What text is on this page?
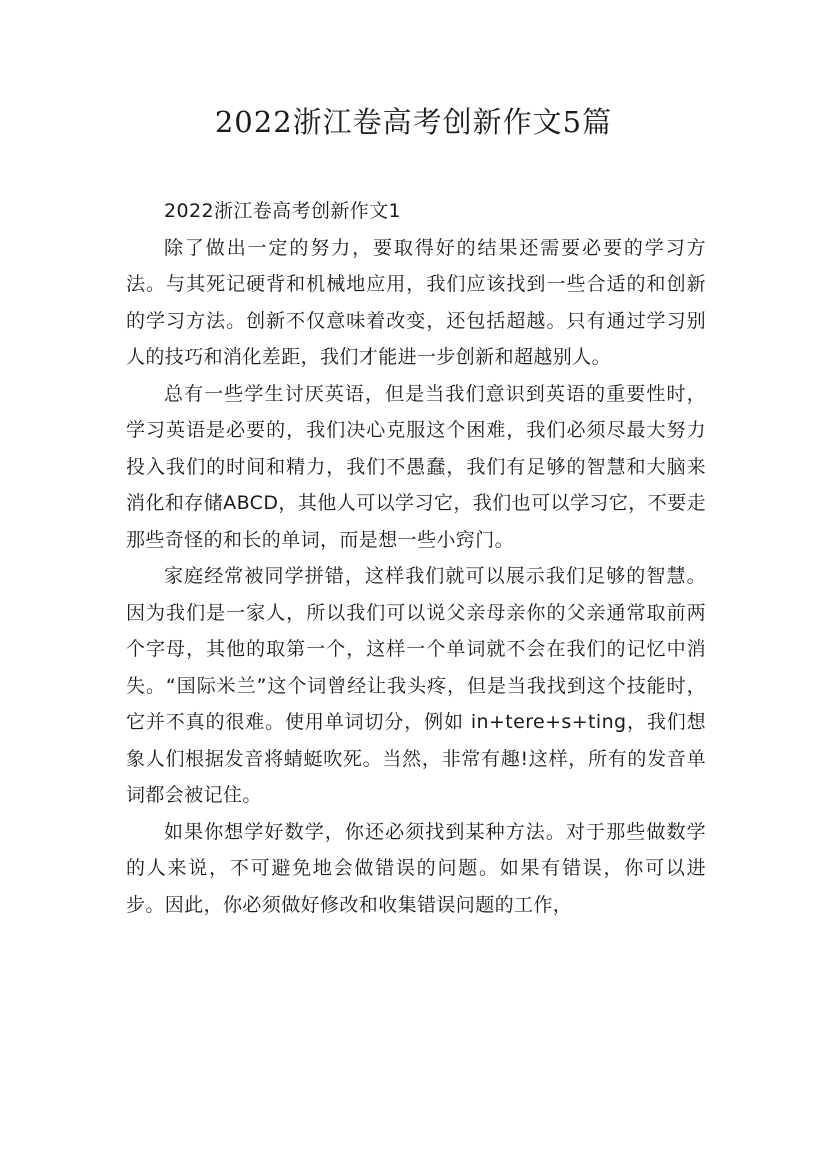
2022浙江卷高考创新作文5篇

2022浙江卷高考创新作文1

除了做出一定的努力，要取得好的结果还需要必要的学习方法。与其死记硬背和机械地应用，我们应该找到一些合适的和创新的学习方法。创新不仅意味着改变，还包括超越。只有通过学习别人的技巧和消化差距，我们才能进一步创新和超越别人。

总有一些学生讨厌英语，但是当我们意识到英语的重要性时，学习英语是必要的，我们决心克服这个困难，我们必须尽最大努力投入我们的时间和精力，我们不愚蠢，我们有足够的智慧和大脑来消化和存储ABCD，其他人可以学习它，我们也可以学习它，不要走那些奇怪的和长的单词，而是想一些小窍门。

家庭经常被同学拼错，这样我们就可以展示我们足够的智慧。因为我们是一家人，所以我们可以说父亲母亲你的父亲通常取前两个字母，其他的取第一个，这样一个单词就不会在我们的记忆中消失。“国际米兰”这个词曾经让我头疼，但是当我找到这个技能时，它并不真的很难。使用单词切分，例如 in+tere+s+ting，我们想象人们根据发音将蜻蜓吹死。当然，非常有趣!这样，所有的发音单词都会被记住。

如果你想学好数学，你还必须找到某种方法。对于那些做数学的人来说，不可避免地会做错误的问题。如果有错误，你可以进步。因此，你必须做好修改和收集错误问题的工作，
